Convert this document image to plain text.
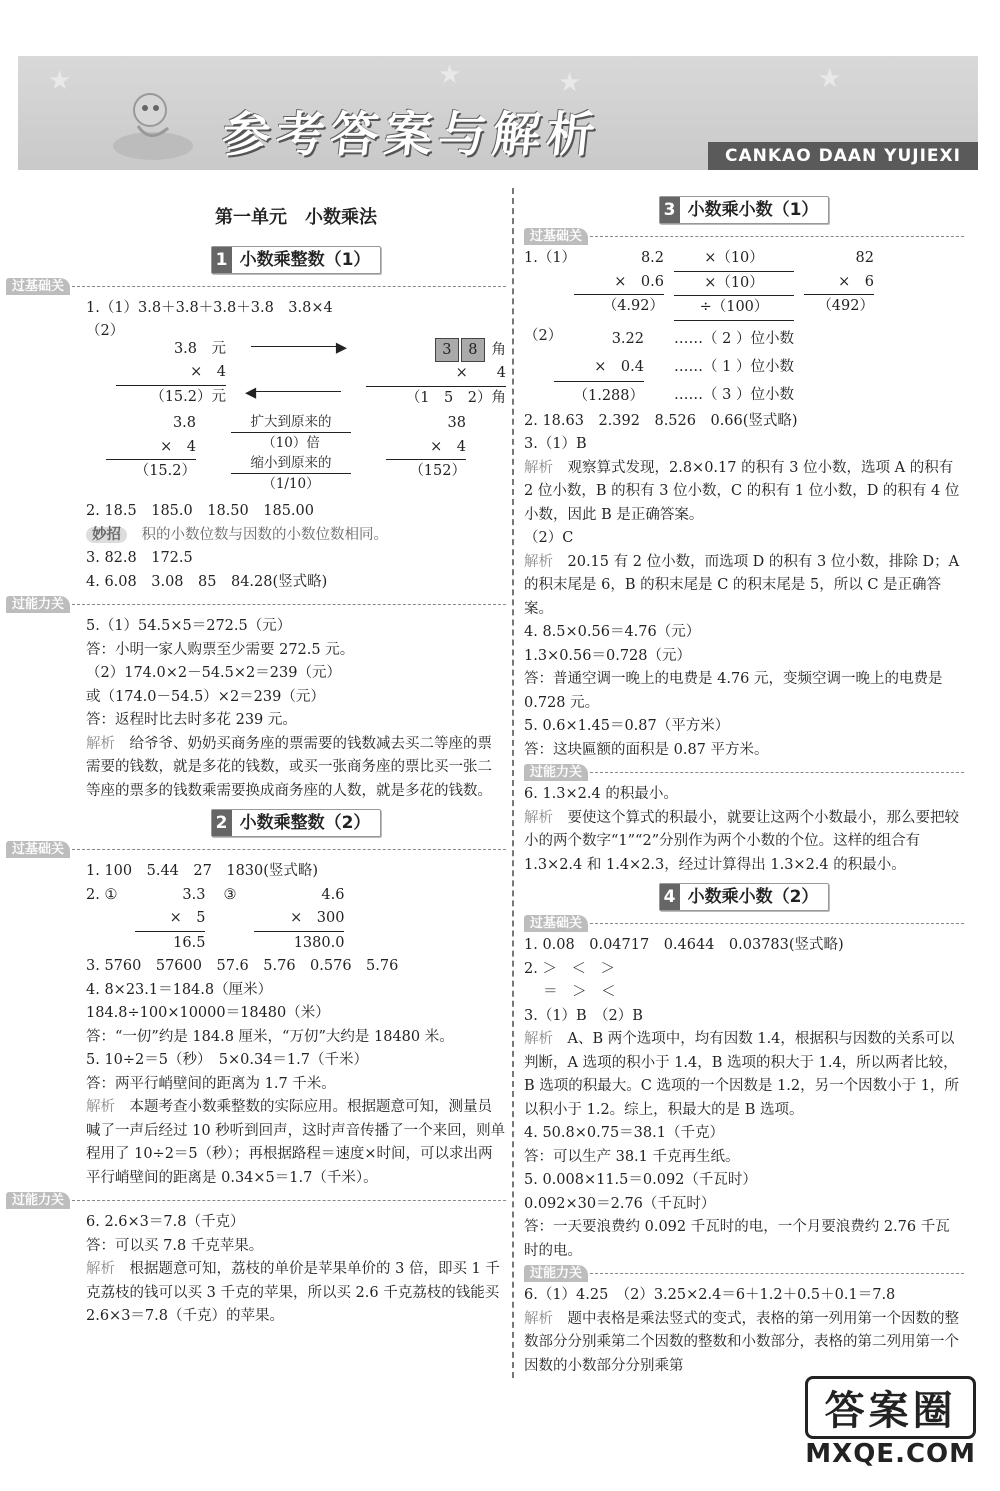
★	★	★	★
参考答案与解析	CANKAO DAAN YUJIEXI
第一单元　小数乘法
1 小数乘整数（1）
过基础关
1.（1）3.8＋3.8＋3.8＋3.8　3.8×4
（2）
3.8　元
×　4
（15.2）元
▶
◀
3 8 角
×　　4
（1　5　2）角
3.8
×　4
（15.2）
扩大到原来的
（10）倍
缩小到原来的
（1/10）
38
×　4
（152）
2. 18.5　185.0　18.50　185.00
妙招　 积的小数位数与因数的小数位数相同。
3. 82.8　172.5
4. 6.08　3.08　85　84.28(竖式略)
过能力关
5.（1）54.5×5＝272.5（元）
答：小明一家人购票至少需要 272.5 元。
（2）174.0×2－54.5×2＝239（元）
或（174.0－54.5）×2＝239（元）
答：返程时比去时多花 239 元。
解析　 给爷爷、奶奶买商务座的票需要的钱数减去买二等座的票需要的钱数，就是多花的钱数，或买一张商务座的票比买一张二等座的票多的钱数乘需要换成商务座的人数，就是多花的钱数。
2 小数乘整数（2）
过基础关
1. 100　5.44　27　1830(竖式略)
2. ①	3.3
×　5
16.5
③	4.6
×　300
1380.0
3. 5760　57600　57.6　5.76　0.576　5.76
4. 8×23.1＝184.8（厘米）
184.8÷100×10000＝18480（米）
答：“一仞”约是 184.8 厘米，“万仞”大约是 18480 米。
5. 10÷2＝5（秒）　5×0.34＝1.7（千米）
答：两平行峭壁间的距离为 1.7 千米。
解析　 本题考查小数乘整数的实际应用。根据题意可知，测量员喊了一声后经过 10 秒听到回声，这时声音传播了一个来回，则单程用了 10÷2＝5（秒）；再根据路程＝速度×时间，可以求出两平行峭壁间的距离是 0.34×5＝1.7（千米）。
过能力关
6. 2.6×3＝7.8（千克）
答：可以买 7.8 千克苹果。
解析　 根据题意可知，荔枝的单价是苹果单价的 3 倍，即买 1 千克荔枝的钱可以买 3 千克的苹果，所以买 2.6 千克荔枝的钱能买 2.6×3＝7.8（千克）的苹果。
3 小数乘小数（1）
过基础关
1.（1）	8.2
×　0.6
（4.92）
×（10）
×（10）
÷（100）
82
×　6
（492）
（2）	3.22
×　0.4
（1.288）
……（ 2 ）位小数
……（ 1 ）位小数
……（ 3 ）位小数
2. 18.63　2.392　8.526　0.66(竖式略)
3.（1）B
解析　 观察算式发现，2.8×0.17 的积有 3 位小数，选项 A 的积有 2 位小数，B 的积有 3 位小数，C 的积有 1 位小数，D 的积有 4 位小数，因此 B 是正确答案。
（2）C
解析　 20.15 有 2 位小数，而选项 D 的积有 3 位小数，排除 D；A 的积末尾是 6，B 的积末尾是 C 的积末尾是 5，所以 C 是正确答案。
4. 8.5×0.56＝4.76（元）
1.3×0.56＝0.728（元）
答：普通空调一晚上的电费是 4.76 元，变频空调一晚上的电费是 0.728 元。
5. 0.6×1.45＝0.87（平方米）
答：这块匾额的面积是 0.87 平方米。
过能力关
6. 1.3×2.4 的积最小。
解析　 要使这个算式的积最小，就要让这两个小数最小，那么要把较小的两个数字“1”“2”分别作为两个小数的个位。这样的组合有 1.3×2.4 和 1.4×2.3，经过计算得出 1.3×2.4 的积最小。
4 小数乘小数（2）
过基础关
1. 0.08　0.04717　0.4644　0.03783(竖式略)
2. ＞　＜　＞
　 ＝　＞　＜
3.（1）B　（2）B
解析　 A、B 两个选项中，均有因数 1.4，根据积与因数的关系可以判断，A 选项的积小于 1.4，B 选项的积大于 1.4，所以两者比较，B 选项的积最大。C 选项的一个因数是 1.2，另一个因数小于 1，所以积小于 1.2。综上，积最大的是 B 选项。
4. 50.8×0.75＝38.1（千克）
答：可以生产 38.1 千克再生纸。
5. 0.008×11.5＝0.092（千瓦时）
0.092×30＝2.76（千瓦时）
答：一天要浪费约 0.092 千瓦时的电，一个月要浪费约 2.76 千瓦时的电。
过能力关
6.（1）4.25　（2）3.25×2.4＝6＋1.2＋0.5＋0.1＝7.8
解析　 题中表格是乘法竖式的变式，表格的第一列用第一个因数的整数部分分别乘第二个因数的整数和小数部分，表格的第二列用第一个因数的小数部分分别乘第
答案圈
MXQE.COM
